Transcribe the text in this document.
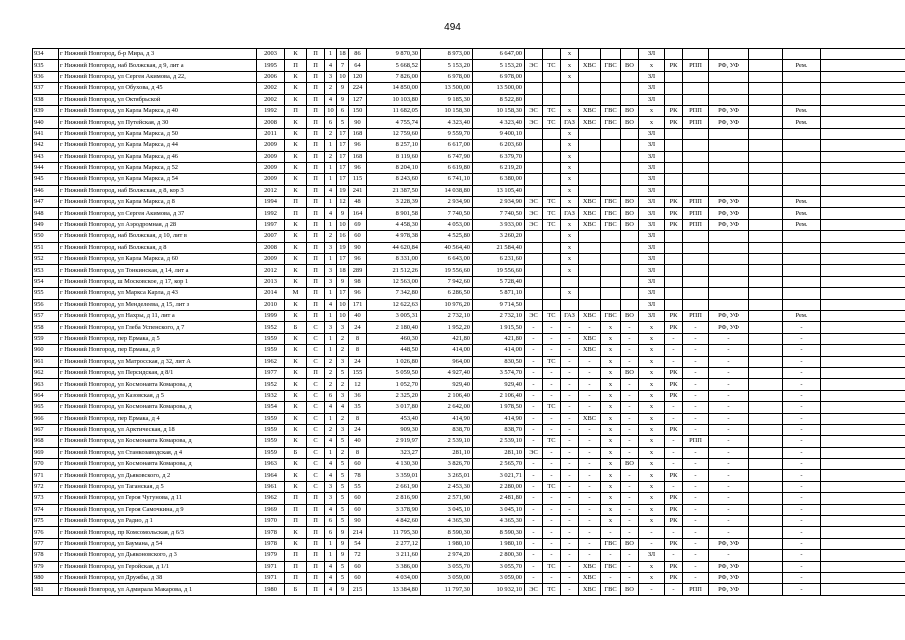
494
934	г Нижний Новгород, б-р Мира, д 3	2003	К	П	1	18	86	9 870,30	8 973,00	6 647,00			х				ЗЛ						
935	г Нижний Новгород, наб Волжская, д 9, лит а	1995	П	П	4	7	64	5 668,52	5 153,20	5 153,20	ЭС	ТС	х	ХВС	ГВС	ВО	х	РК	РПП	РФ, УФ		Рем.	
936	г Нижний Новгород, ул Сергея Акимова, д 22,	2006	К	П	3	10	120	7 826,00	6 978,00	6 978,00			х				ЗЛ						
937	г Нижний Новгород, ул Обухова, д 45	2002	К	П	2	9	224	14 850,00	13 500,00	13 500,00							ЗЛ						
938	г Нижний Новгород, ул Октябрьской	2002	К	П	4	9	127	10 103,80	9 185,30	8 522,80							ЗЛ						
939	г Нижний Новгород, ул Карла Маркса, д 40	1992	П	П	10	6	150	11 682,05	10 158,30	10 158,30	ЭС	ТС	х	ХВС	ГВС	ВО	х	РК	РПП	РФ, УФ		Рем.	
940	г Нижний Новгород, ул Путейская, д 30	2008	К	П	6	5	90	4 755,74	4 323,40	4 323,40	ЭС	ТС	ГАЗ	ХВС	ГВС	ВО	х	РК	РПП	РФ, УФ		Рем.	
941	г Нижний Новгород, ул Карла Маркса, д 50	2011	К	П	2	17	168	12 759,60	9 559,70	9 400,10			х				ЗЛ						
942	г Нижний Новгород, ул Карла Маркса, д 44	2009	К	П	1	17	96	8 257,10	6 617,00	6 203,60			х				ЗЛ						
943	г Нижний Новгород, ул Карла Маркса, д 46	2009	К	П	2	17	168	8 119,60	6 747,90	6 379,70			х				ЗЛ						
944	г Нижний Новгород, ул Карла Маркса, д 52	2009	К	П	1	17	96	8 204,10	6 619,80	6 219,20			х				ЗЛ						
945	г Нижний Новгород, ул Карла Маркса, д 54	2009	К	П	1	17	115	8 243,60	6 741,10	6 380,00			х				ЗЛ						
946	г Нижний Новгород, наб Волжская, д 8, кор 3	2012	К	П	4	19	241	21 387,50	14 038,80	13 105,40			х				ЗЛ						
947	г Нижний Новгород, ул Карла Маркса, д 8	1994	П	П	1	12	48	3 228,39	2 934,90	2 934,90	ЭС	ТС	х	ХВС	ГВС	ВО	ЗЛ	РК	РПП	РФ, УФ		Рем.	
948	г Нижний Новгород, ул Сергея Акимова, д 37	1992	П	П	4	9	164	8 901,58	7 740,50	7 740,50	ЭС	ТС	ГАЗ	ХВС	ГВС	ВО	ЗЛ	РК	РПП	РФ, УФ		Рем.	
949	г Нижний Новгород, ул Аэродромная, д 28	1997	К	П	1	10	69	4 458,30	4 053,00	3 933,00	ЭС	ТС	х	ХВС	ГВС	ВО	ЗЛ	РК	РПП	РФ, УФ		Рем.	
950	г Нижний Новгород, наб Волжская, д 10, лит в	2007	К	П	2	16	60	4 978,38	4 525,80	3 260,20			х				ЗЛ						
951	г Нижний Новгород, наб Волжская, д 8	2008	К	П	3	19	90	44 620,84	40 564,40	21 584,40			х				ЗЛ						
952	г Нижний Новгород, ул Карла Маркса, д 60	2009	К	П	1	17	96	8 331,00	6 643,00	6 231,60			х				ЗЛ						
953	г Нижний Новгород, ул Тонкинская, д 14, лит а	2012	К	П	3	18	289	21 512,26	19 556,60	19 556,60			х				ЗЛ						
954	г Нижний Новгород, ш Московское, д 17, кор 1	2013	К	П	3	9	98	12 563,00	7 942,60	5 728,40							ЗЛ						
955	г Нижний Новгород, ул Маркса Карла, д 43	2014	М	П	1	17	96	7 342,80	6 286,50	5 871,10			х				ЗЛ						
956	г Нижний Новгород, ул Менделеева, д 15, лит з	2010	К	П	4	10	171	12 622,63	10 976,20	9 714,50							ЗЛ						
957	г Нижний Новгород, ул Нахры, д 11, лит а	1999	К	П	1	10	40	3 005,31	2 732,10	2 732,10	ЭС	ТС	ГАЗ	ХВС	ГВС	ВО	ЗЛ	РК	РПП	РФ, УФ		Рем.	
958	г Нижний Новгород, ул Глеба Успенского, д 7	1952	Б	С	3	3	24	2 180,40	1 952,20	1 915,50	-	-	-	-	х	-	х	РК	-	РФ, УФ		-	
959	г Нижний Новгород, пер Ермака, д 5	1959	К	С	1	2	8	460,30	421,80	421,80	-	-	-	ХВС	х	-	х	-	-	-		-	
960	г Нижний Новгород, пер Ермака, д 9	1959	К	С	1	2	8	448,50	414,00	414,00	-	-	-	ХВС	х	-	х	-	-	-		-	
961	г Нижний Новгород, ул Матросская, д 32, лит А	1962	К	С	2	3	24	1 026,80	964,00	830,50	-	ТС	-	-	х	-	х	-	-	-		-	
962	г Нижний Новгород, ул Персидская, д 8/1	1977	К	П	2	5	155	5 059,50	4 927,40	3 574,70	-	-	-	-	х	ВО	х	РК	-	-		-	
963	г Нижний Новгород, ул Космонавта Комарова, д	1952	К	С	2	2	12	1 052,70	929,40	929,40	-	-	-	-	х	-	х	РК	-	-		-	
964	г Нижний Новгород, ул Казовская, д 5	1932	К	С	6	3	36	2 325,20	2 106,40	2 106,40	-	-	-	-	х	-	х	РК	-	-		-	
965	г Нижний Новгород, ул Космонавта Комарова, д	1954	К	С	4	4	35	3 017,80	2 642,00	1 978,50	-	ТС	-	-	х	-	х	-	-	-		-	
966	г Нижний Новгород, пер Ермака, д 4	1959	К	С	1	2	8	453,40	414,90	414,90	-	-	-	ХВС	х	-	х	-	-	-		-	
967	г Нижний Новгород, ул Арктическая, д 18	1959	К	С	2	3	24	909,30	838,70	838,70	-	-	-	-	х	-	х	РК	-	-		-	
968	г Нижний Новгород, ул Космонавта Комарова, д	1959	К	С	4	5	40	2 919,97	2 539,10	2 539,10	-	ТС	-	-	х	-	х	-	РПП	-		-	
969	г Нижний Новгород, ул Станкозаводская, д 4	1959	Б	С	1	2	8	323,27	281,10	281,10	ЭС	-	-	-	х	-	х	-	-	-		-	
970	г Нижний Новгород, ул Космонавта Комарова, д	1963	К	С	4	5	60	4 130,30	3 826,70	2 565,70	-	-	-	-	х	ВО	х	-	-	-		-	
971	г Нижний Новгород, ул Дьяковского, д 2	1964	К	С	4	5	78	3 359,01	3 265,01	3 021,71	-	-	-	-	х	-	х	РК	-	-		-	
972	г Нижний Новгород, ул Таганская, д 5	1961	К	С	3	5	55	2 661,90	2 453,30	2 280,00	-	ТС	-	-	х	-	х	-	-	-		-	
973	г Нижний Новгород, ул Героя Чугунова, д 11	1962	П	П	3	5	60	2 816,90	2 571,90	2 481,80	-	-	-	-	х	-	х	РК	-	-		-	
974	г Нижний Новгород, ул Героя Самочкина, д 9	1969	П	П	4	5	60	3 378,90	3 045,10	3 045,10	-	-	-	-	х	-	х	РК	-	-		-	
975	г Нижний Новгород, ул Радио, д 1	1970	П	П	6	5	90	4 842,60	4 365,30	4 365,30	-	-	-	-	х	-	х	РК	-	-		-	
976	г Нижний Новгород, пр Комсомольская, д 6/3	1978	К	П	6	9	214	11 795,30	8 590,30	8 590,30	-	-	-	-	-	-	-	-	-	-		-	
977	г Нижний Новгород, ул Баумана, д 54	1978	К	П	1	9	54	2 277,12	1 980,10	1 980,10	-	-	-	-	ГВС	ВО	-	РК	-	РФ, УФ		-	
978	г Нижний Новгород, ул Дьяконовского, д 3	1979	П	П	1	9	72	3 211,60	2 974,20	2 800,30	-	-	-	-	-	-	ЗЛ	-	-	-		-	
979	г Нижний Новгород, ул Геройская, д 1/1	1971	П	П	4	5	60	3 386,00	3 055,70	3 055,70	-	ТС	-	ХВС	ГВС	-	х	РК	-	РФ, УФ		-	
980	г Нижний Новгород, ул Дружбы, д 38	1971	П	П	4	5	60	4 034,00	3 059,00	3 059,00	-	-	-	ХВС	-	-	х	РК	-	РФ, УФ		-	
981	г Нижний Новгород, ул Адмирала Макарова, д 1	1980	Б	П	4	9	215	13 384,80	11 797,30	10 932,10	ЭС	ТС	-	ХВС	ГВС	ВО	-	-	РПП	РФ, УФ		-	
